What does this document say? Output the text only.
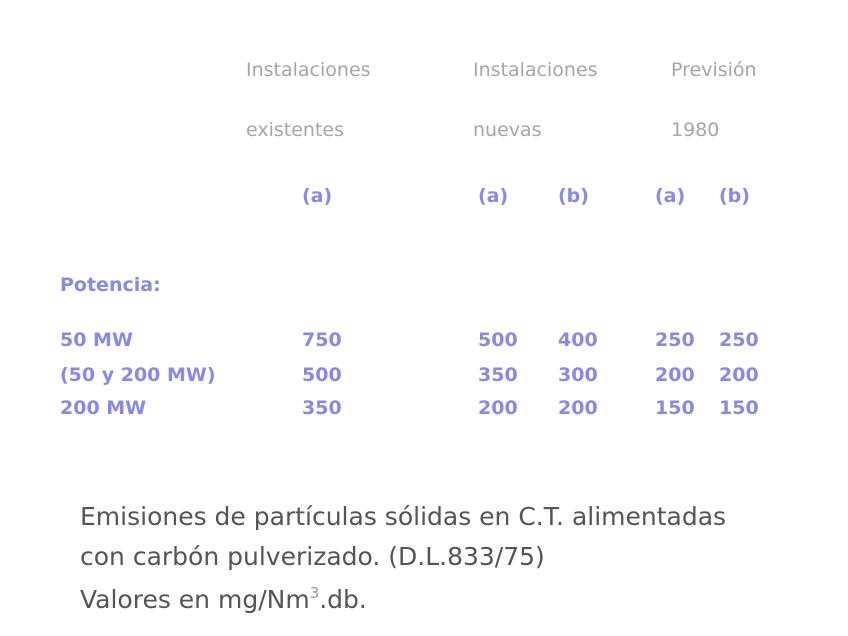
Instalaciones
existentes
Instalaciones
nuevas
Previsión
1980
(a)	(a)	(b)	(a) (b)
Potencia:
50 MW	750	500 400	250 250
(50 y 200 MW)	500	350 300	200 200
200 MW	350	200 200	150 150
Emisiones de partículas sólidas en C.T. alimentadas
con carbón pulverizado. (D.L.833/75)
Valores en mg/Nm$^3$.db.
